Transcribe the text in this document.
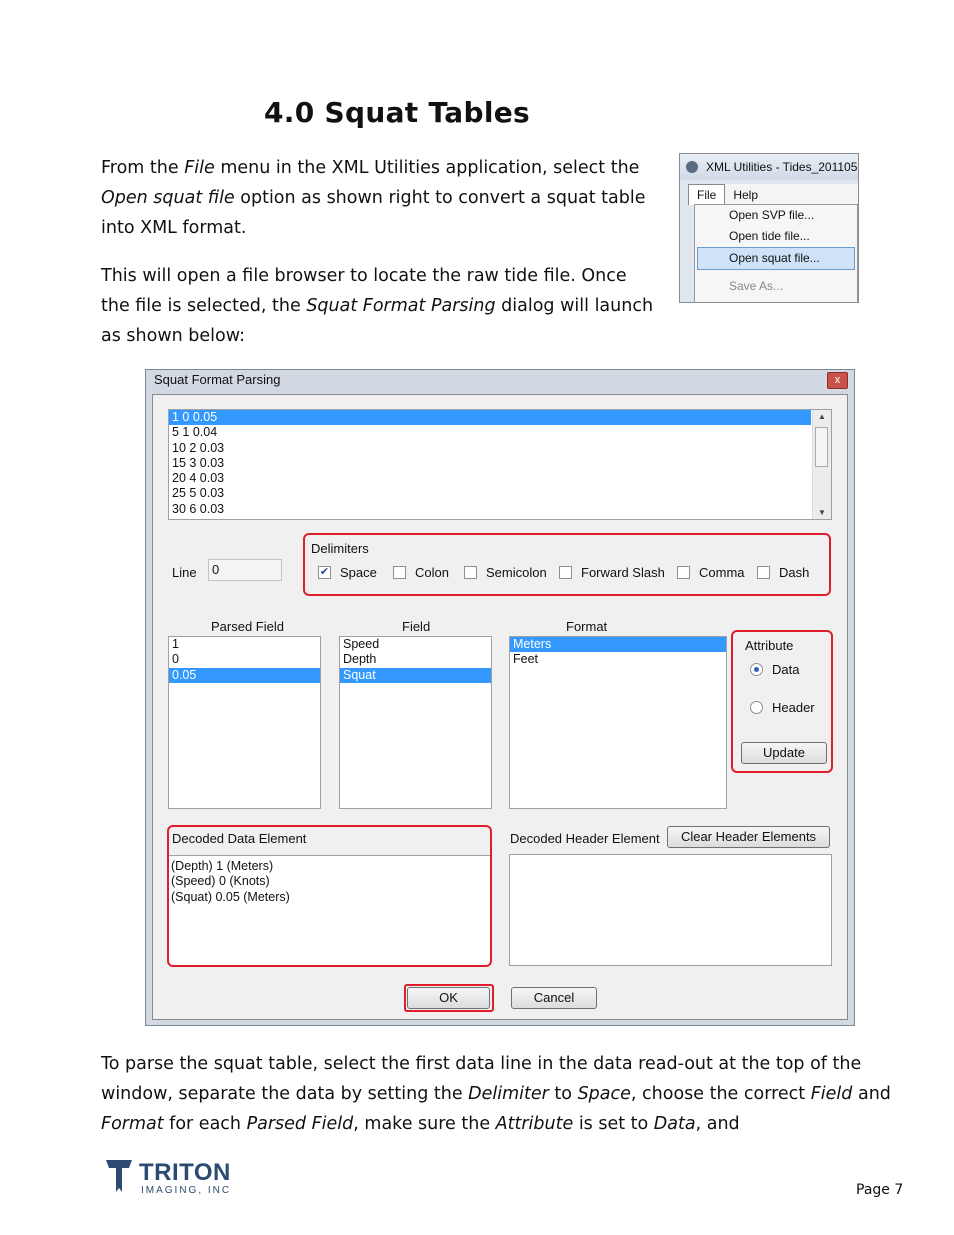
4.0 Squat Tables
From the File menu in the XML Utilities application, select the
Open squat file option as shown right to convert a squat table
into XML format.
This will open a file browser to locate the raw tide file. Once
the file is selected, the Squat Format Parsing dialog will launch
as shown below:
XML Utilities - Tides_201105
File	Help
Open SVP file...
Open tide file...
Open squat file...
Save As...
Squat Format Parsing	x
1 0 0.05
5 1 0.04
10 2 0.03
15 3 0.03
20 4 0.03
25 5 0.03
30 6 0.03
▲
▼
Line	0
Delimiters
✔ Space	Colon	Semicolon	Forward Slash	Comma	Dash
Parsed Field	Field	Format
1
0
0.05
Speed
Depth
Squat
Meters
Feet
Attribute
Data
Header
Update
Decoded Data Element
(Depth) 1 (Meters)
(Speed) 0 (Knots)
(Squat) 0.05 (Meters)
Decoded Header Element	Clear Header Elements
OK	Cancel
To parse the squat table, select the first data line in the data read-out at the top of the
window, separate the data by setting the Delimiter to Space, choose the correct Field and
Format for each Parsed Field, make sure the Attribute is set to Data, and
TRITON
IMAGING, INC	Page 7
